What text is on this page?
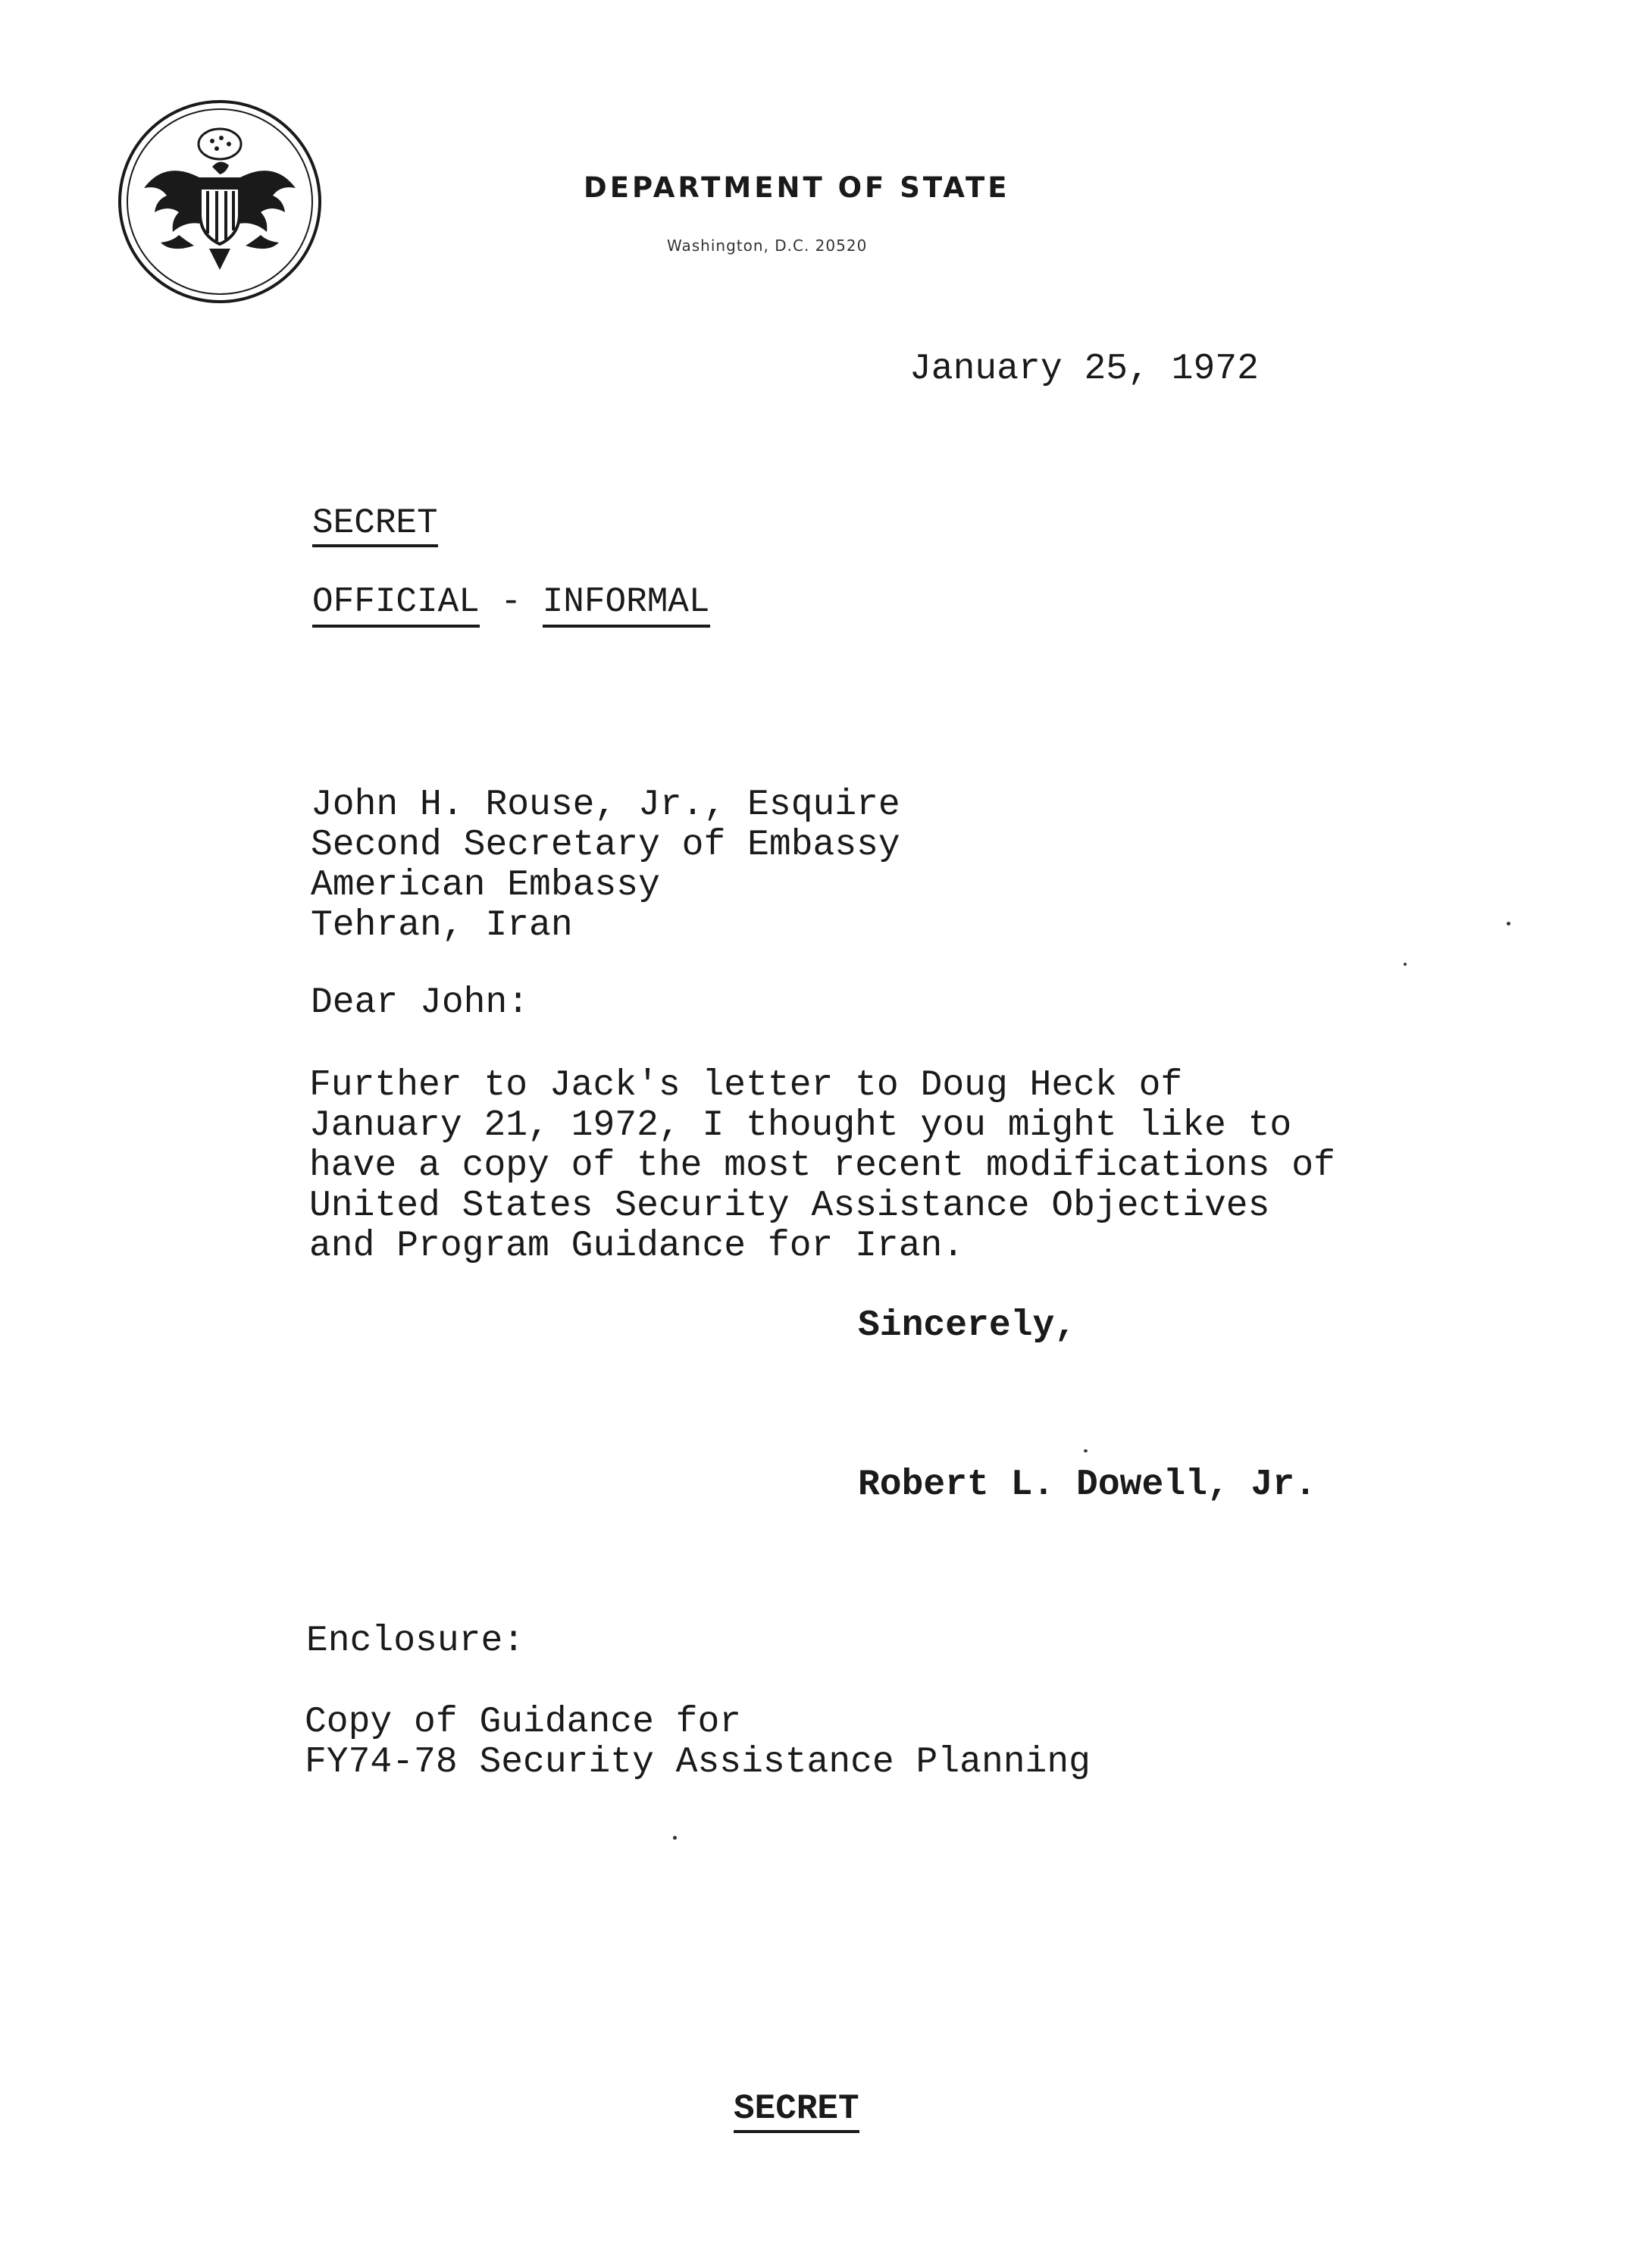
DEPARTMENT OF STATE
Washington, D.C. 20520
January 25, 1972
SECRET
OFFICIAL - INFORMAL
John H. Rouse, Jr., Esquire
Second Secretary of Embassy
American Embassy
Tehran, Iran
Dear John:
Further to Jack's letter to Doug Heck of
January 21, 1972, I thought you might like to
have a copy of the most recent modifications of
United States Security Assistance Objectives
and Program Guidance for Iran.
Sincerely,
Robert L. Dowell, Jr.
Enclosure:
Copy of Guidance for
FY74-78 Security Assistance Planning
SECRET
